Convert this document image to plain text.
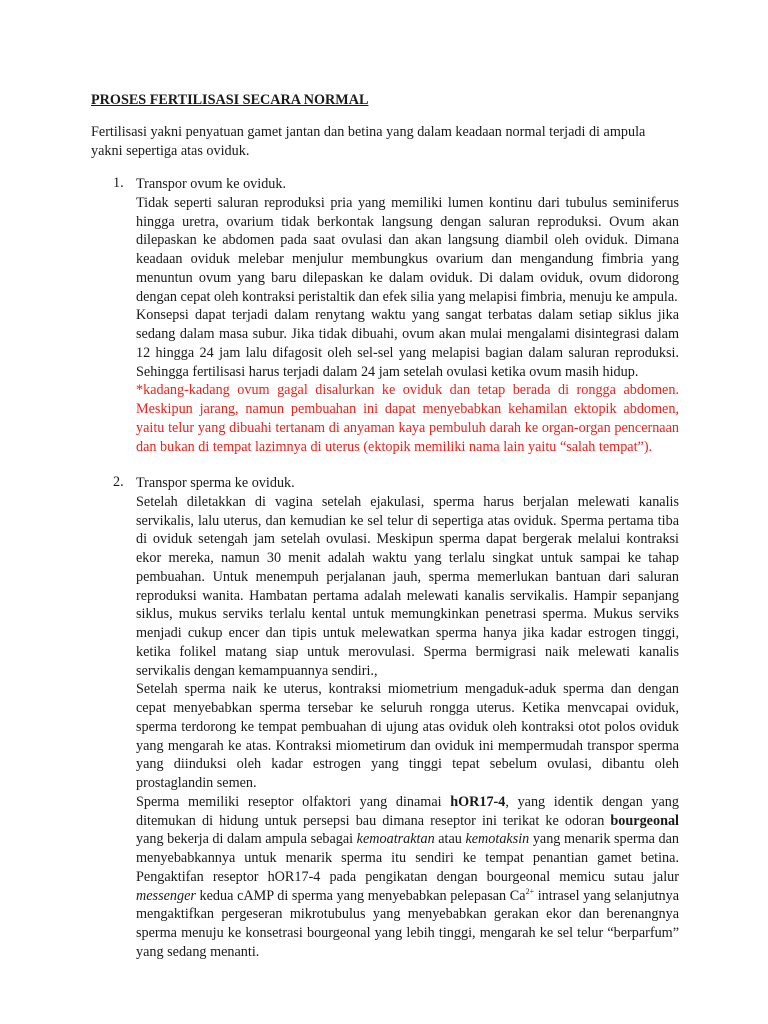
PROSES FERTILISASI SECARA NORMAL
Fertilisasi yakni penyatuan gamet jantan dan betina yang dalam keadaan normal terjadi di ampula yakni sepertiga atas oviduk.
1. Transpor ovum ke oviduk.

Tidak seperti saluran reproduksi pria yang memiliki lumen kontinu dari tubulus seminiferus hingga uretra, ovarium tidak berkontak langsung dengan saluran reproduksi. Ovum akan dilepaskan ke abdomen pada saat ovulasi dan akan langsung diambil oleh oviduk. Dimana keadaan oviduk melebar menjulur membungkus ovarium dan mengandung fimbria yang menuntun ovum yang baru dilepaskan ke dalam oviduk. Di dalam oviduk, ovum didorong dengan cepat oleh kontraksi peristaltik dan efek silia yang melapisi fimbria, menuju ke ampula.

Konsepsi dapat terjadi dalam renytang waktu yang sangat terbatas dalam setiap siklus jika sedang dalam masa subur. Jika tidak dibuahi, ovum akan mulai mengalami disintegrasi dalam 12 hingga 24 jam lalu difagosit oleh sel-sel yang melapisi bagian dalam saluran reproduksi. Sehingga fertilisasi harus terjadi dalam 24 jam setelah ovulasi ketika ovum masih hidup.

*kadang-kadang ovum gagal disalurkan ke oviduk dan tetap berada di rongga abdomen. Meskipun jarang, namun pembuahan ini dapat menyebabkan kehamilan ektopik abdomen, yaitu telur yang dibuahi tertanam di anyaman kaya pembuluh darah ke organ-organ pencernaan dan bukan di tempat lazimnya di uterus (ektopik memiliki nama lain yaitu “salah tempat”).

2. Transpor sperma ke oviduk.

Setelah diletakkan di vagina setelah ejakulasi, sperma harus berjalan melewati kanalis servikalis, lalu uterus, dan kemudian ke sel telur di sepertiga atas oviduk. Sperma pertama tiba di oviduk setengah jam setelah ovulasi. Meskipun sperma dapat bergerak melalui kontraksi ekor mereka, namun 30 menit adalah waktu yang terlalu singkat untuk sampai ke tahap pembuahan. Untuk menempuh perjalanan jauh, sperma memerlukan bantuan dari saluran reproduksi wanita. Hambatan pertama adalah melewati kanalis servikalis. Hampir sepanjang siklus, mukus serviks terlalu kental untuk memungkinkan penetrasi sperma. Mukus serviks menjadi cukup encer dan tipis untuk melewatkan sperma hanya jika kadar estrogen tinggi, ketika folikel matang siap untuk merovulasi. Sperma bermigrasi naik melewati kanalis servikalis dengan kemampuannya sendiri.,

Setelah sperma naik ke uterus, kontraksi miometrium mengaduk-aduk sperma dan dengan cepat menyebabkan sperma tersebar ke seluruh rongga uterus. Ketika menvcapai oviduk, sperma terdorong ke tempat pembuahan di ujung atas oviduk oleh kontraksi otot polos oviduk yang mengarah ke atas. Kontraksi miometirum dan oviduk ini mempermudah transpor sperma yang diinduksi oleh kadar estrogen yang tinggi tepat sebelum ovulasi, dibantu oleh prostaglandin semen.

Sperma memiliki reseptor olfaktori yang dinamai hOR17-4, yang identik dengan yang ditemukan di hidung untuk persepsi bau dimana reseptor ini terikat ke odoran bourgeonal yang bekerja di dalam ampula sebagai kemoatraktan atau kemotaksin yang menarik sperma dan menyebabkannya untuk menarik sperma itu sendiri ke tempat penantian gamet betina. Pengaktifan reseptor hOR17-4 pada pengikatan dengan bourgeonal memicu sutau jalur messenger kedua cAMP di sperma yang menyebabkan pelepasan $Ca^{2+}$ intrasel yang selanjutnya mengaktifkan pergeseran mikrotubulus yang menyebabkan gerakan ekor dan berenangnya sperma menuju ke konsetrasi bourgeonal yang lebih tinggi, mengarah ke sel telur “berparfum” yang sedang menanti.
